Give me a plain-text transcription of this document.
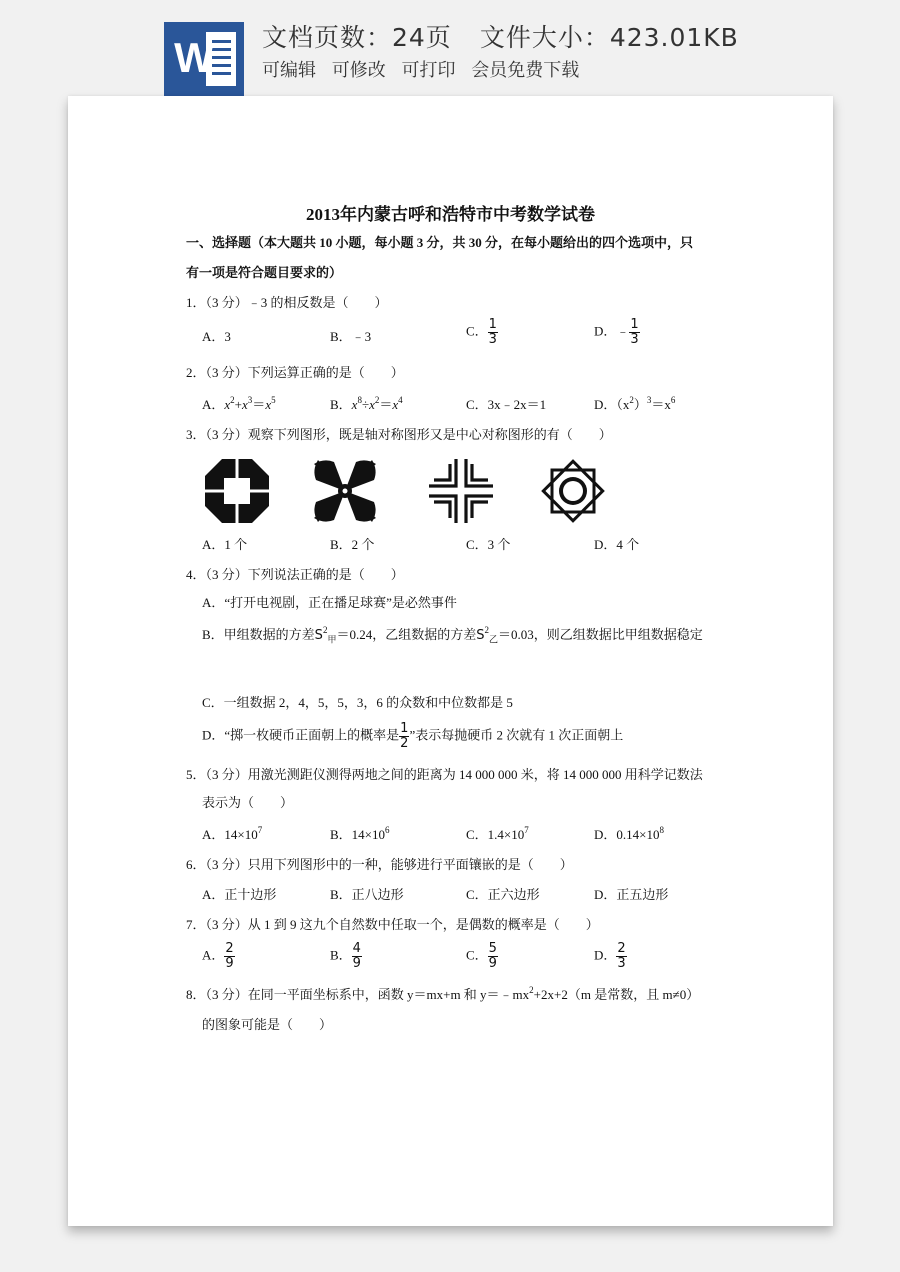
W 文档页数：24页 文件大小：423.01KB
可编辑 可修改 可打印 会员免费下载
2013年内蒙古呼和浩特市中考数学试卷
一、选择题（本大题共 10 小题，每小题 3 分，共 30 分，在每小题给出的四个选项中，只
有一项是符合题目要求的）
1．（3 分）﹣3 的相反数是（　　）
A．3	B．﹣3	C． $\frac{1}{3}$	D．﹣ $\frac{1}{3}$
2．（3 分）下列运算正确的是（　　）
A．$x^2+x^3=x^5$	B．$x^8\div x^2=x^4$	C．3x﹣2x＝1	D．$(x^2)^3=x^6$
3．（3 分）观察下列图形，既是轴对称图形又是中心对称图形的有（　　）
A．1 个	B．2 个	C．3 个	D．4 个
4．（3 分）下列说法正确的是（　　）
A．“打开电视剧，正在播足球赛”是必然事件
B．甲组数据的方差$S^2_甲=0.24$，乙组数据的方差$S^2_乙=0.03$，则乙组数据比甲组数据稳定
C．一组数据 2，4，5，5，3，6 的众数和中位数都是 5
D．“掷一枚硬币正面朝上的概率是 $\frac{1}{2}$ ”表示每抛硬币 2 次就有 1 次正面朝上
5．（3 分）用激光测距仪测得两地之间的距离为 14 000 000 米，将 14 000 000 用科学记数法
表示为（　　）
A．$14\times 10^7$	B．$14\times 10^6$	C．$1.4\times 10^7$	D．$0.14\times 10^8$
6．（3 分）只用下列图形中的一种，能够进行平面镶嵌的是（　　）
A．正十边形	B．正八边形	C．正六边形	D．正五边形
7．（3 分）从 1 到 9 这九个自然数中任取一个，是偶数的概率是（　　）
A． $\frac{2}{9}$	B． $\frac{4}{9}$	C． $\frac{5}{9}$	D． $\frac{2}{3}$
8．（3 分）在同一平面坐标系中，函数 y＝mx+m 和 $y=﹣mx^2+2x+2(m$ 是常数，且 m≠0）
的图象可能是（　　）
